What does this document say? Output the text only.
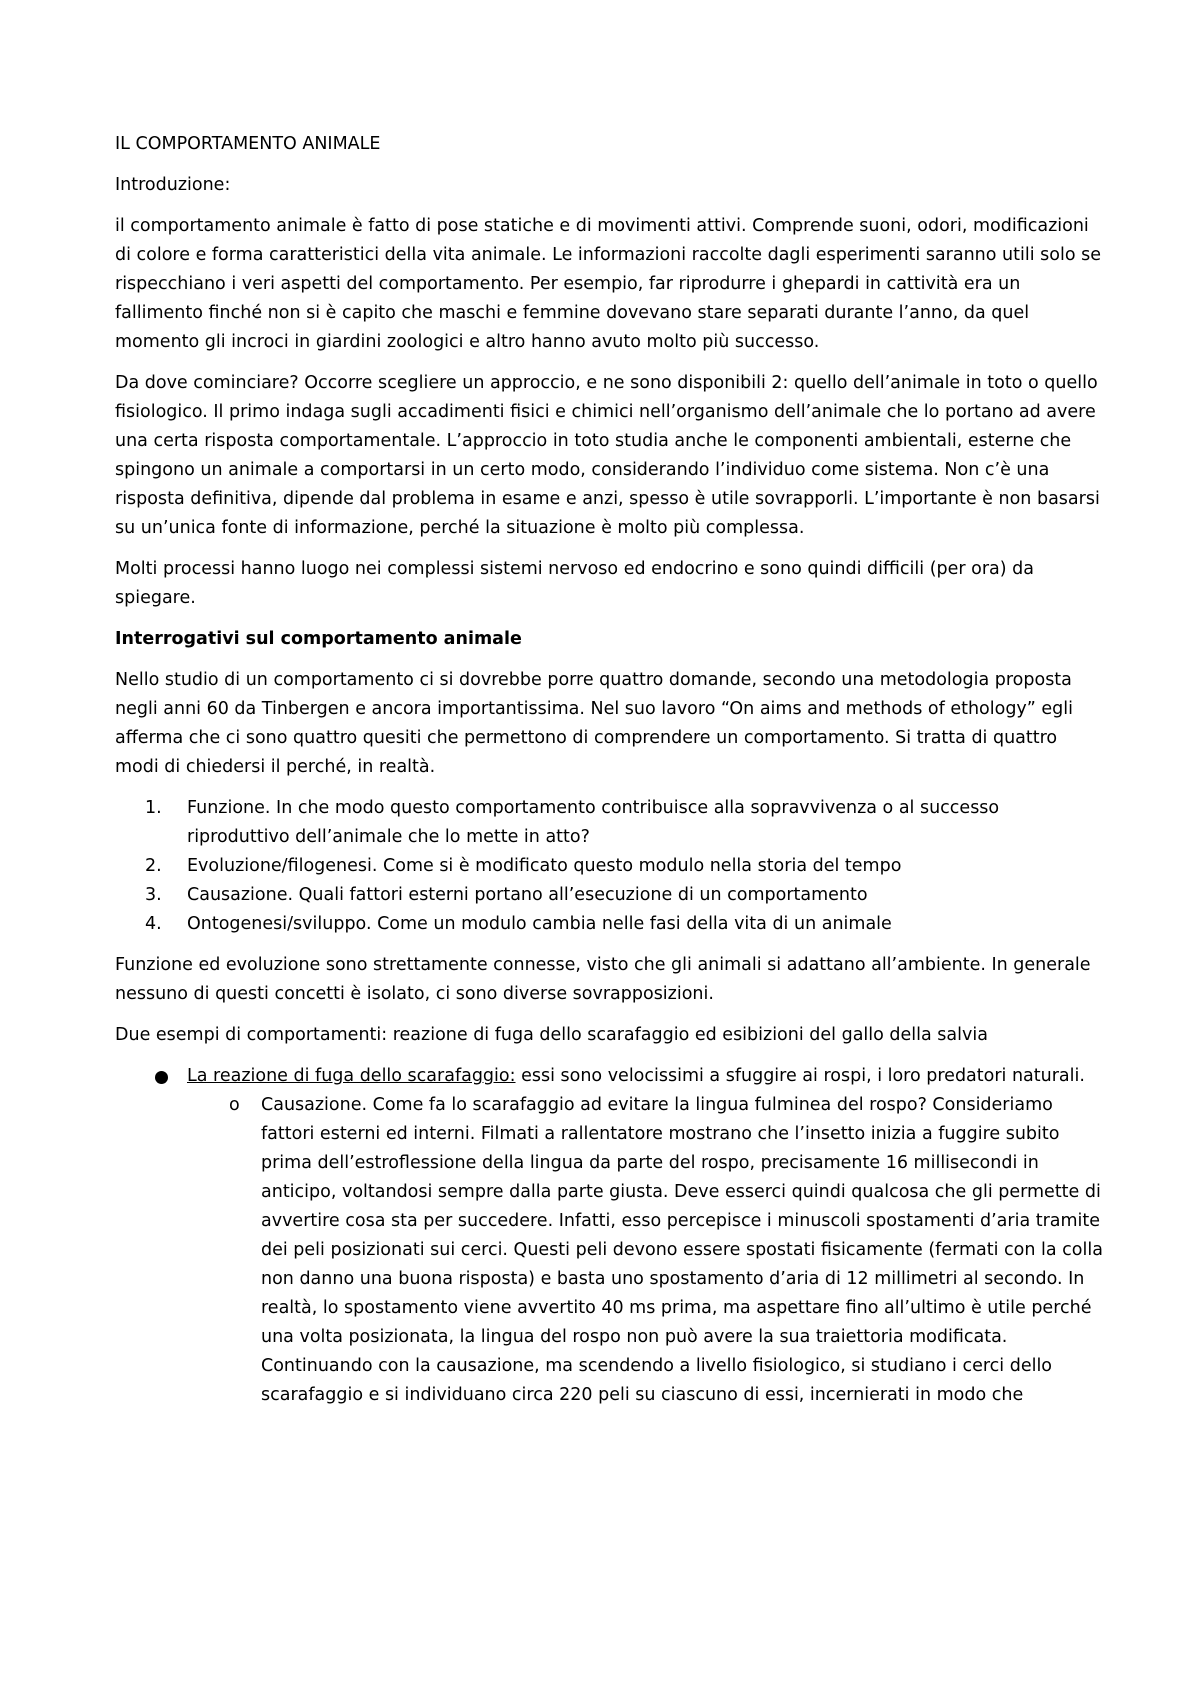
IL COMPORTAMENTO ANIMALE

Introduzione:

il comportamento animale è fatto di pose statiche e di movimenti attivi. Comprende suoni, odori, modificazioni di colore e forma caratteristici della vita animale. Le informazioni raccolte dagli esperimenti saranno utili solo se rispecchiano i veri aspetti del comportamento. Per esempio, far riprodurre i ghepardi in cattività era un fallimento finché non si è capito che maschi e femmine dovevano stare separati durante l’anno, da quel momento gli incroci in giardini zoologici e altro hanno avuto molto più successo.

Da dove cominciare? Occorre scegliere un approccio, e ne sono disponibili 2: quello dell’animale in toto o quello fisiologico. Il primo indaga sugli accadimenti fisici e chimici nell’organismo dell’animale che lo portano ad avere una certa risposta comportamentale. L’approccio in toto studia anche le componenti ambientali, esterne che spingono un animale a comportarsi in un certo modo, considerando l’individuo come sistema. Non c’è una risposta definitiva, dipende dal problema in esame e anzi, spesso è utile sovrapporli. L’importante è non basarsi su un’unica fonte di informazione, perché la situazione è molto più complessa.

Molti processi hanno luogo nei complessi sistemi nervoso ed endocrino e sono quindi difficili (per ora) da spiegare.

Interrogativi sul comportamento animale

Nello studio di un comportamento ci si dovrebbe porre quattro domande, secondo una metodologia proposta negli anni 60 da Tinbergen e ancora importantissima. Nel suo lavoro “On aims and methods of ethology” egli afferma che ci sono quattro quesiti che permettono di comprendere un comportamento. Si tratta di quattro modi di chiedersi il perché, in realtà.

1. Funzione. In che modo questo comportamento contribuisce alla sopravvivenza o al successo riproduttivo dell’animale che lo mette in atto?
2. Evoluzione/filogenesi. Come si è modificato questo modulo nella storia del tempo
3. Causazione. Quali fattori esterni portano all’esecuzione di un comportamento
4. Ontogenesi/sviluppo. Come un modulo cambia nelle fasi della vita di un animale

Funzione ed evoluzione sono strettamente connesse, visto che gli animali si adattano all’ambiente. In generale nessuno di questi concetti è isolato, ci sono diverse sovrapposizioni.

Due esempi di comportamenti: reazione di fuga dello scarafaggio ed esibizioni del gallo della salvia

La reazione di fuga dello scarafaggio: essi sono velocissimi a sfuggire ai rospi, i loro predatori naturali.
o Causazione. Come fa lo scarafaggio ad evitare la lingua fulminea del rospo? Consideriamo fattori esterni ed interni. Filmati a rallentatore mostrano che l’insetto inizia a fuggire subito prima dell’estroflessione della lingua da parte del rospo, precisamente 16 millisecondi in anticipo, voltandosi sempre dalla parte giusta. Deve esserci quindi qualcosa che gli permette di avvertire cosa sta per succedere. Infatti, esso percepisce i minuscoli spostamenti d’aria tramite dei peli posizionati sui cerci. Questi peli devono essere spostati fisicamente (fermati con la colla non danno una buona risposta) e basta uno spostamento d’aria di 12 millimetri al secondo. In realtà, lo spostamento viene avvertito 40 ms prima, ma aspettare fino all’ultimo è utile perché una volta posizionata, la lingua del rospo non può avere la sua traiettoria modificata.

Continuando con la causazione, ma scendendo a livello fisiologico, si studiano i cerci dello scarafaggio e si individuano circa 220 peli su ciascuno di essi, incernierati in modo che
